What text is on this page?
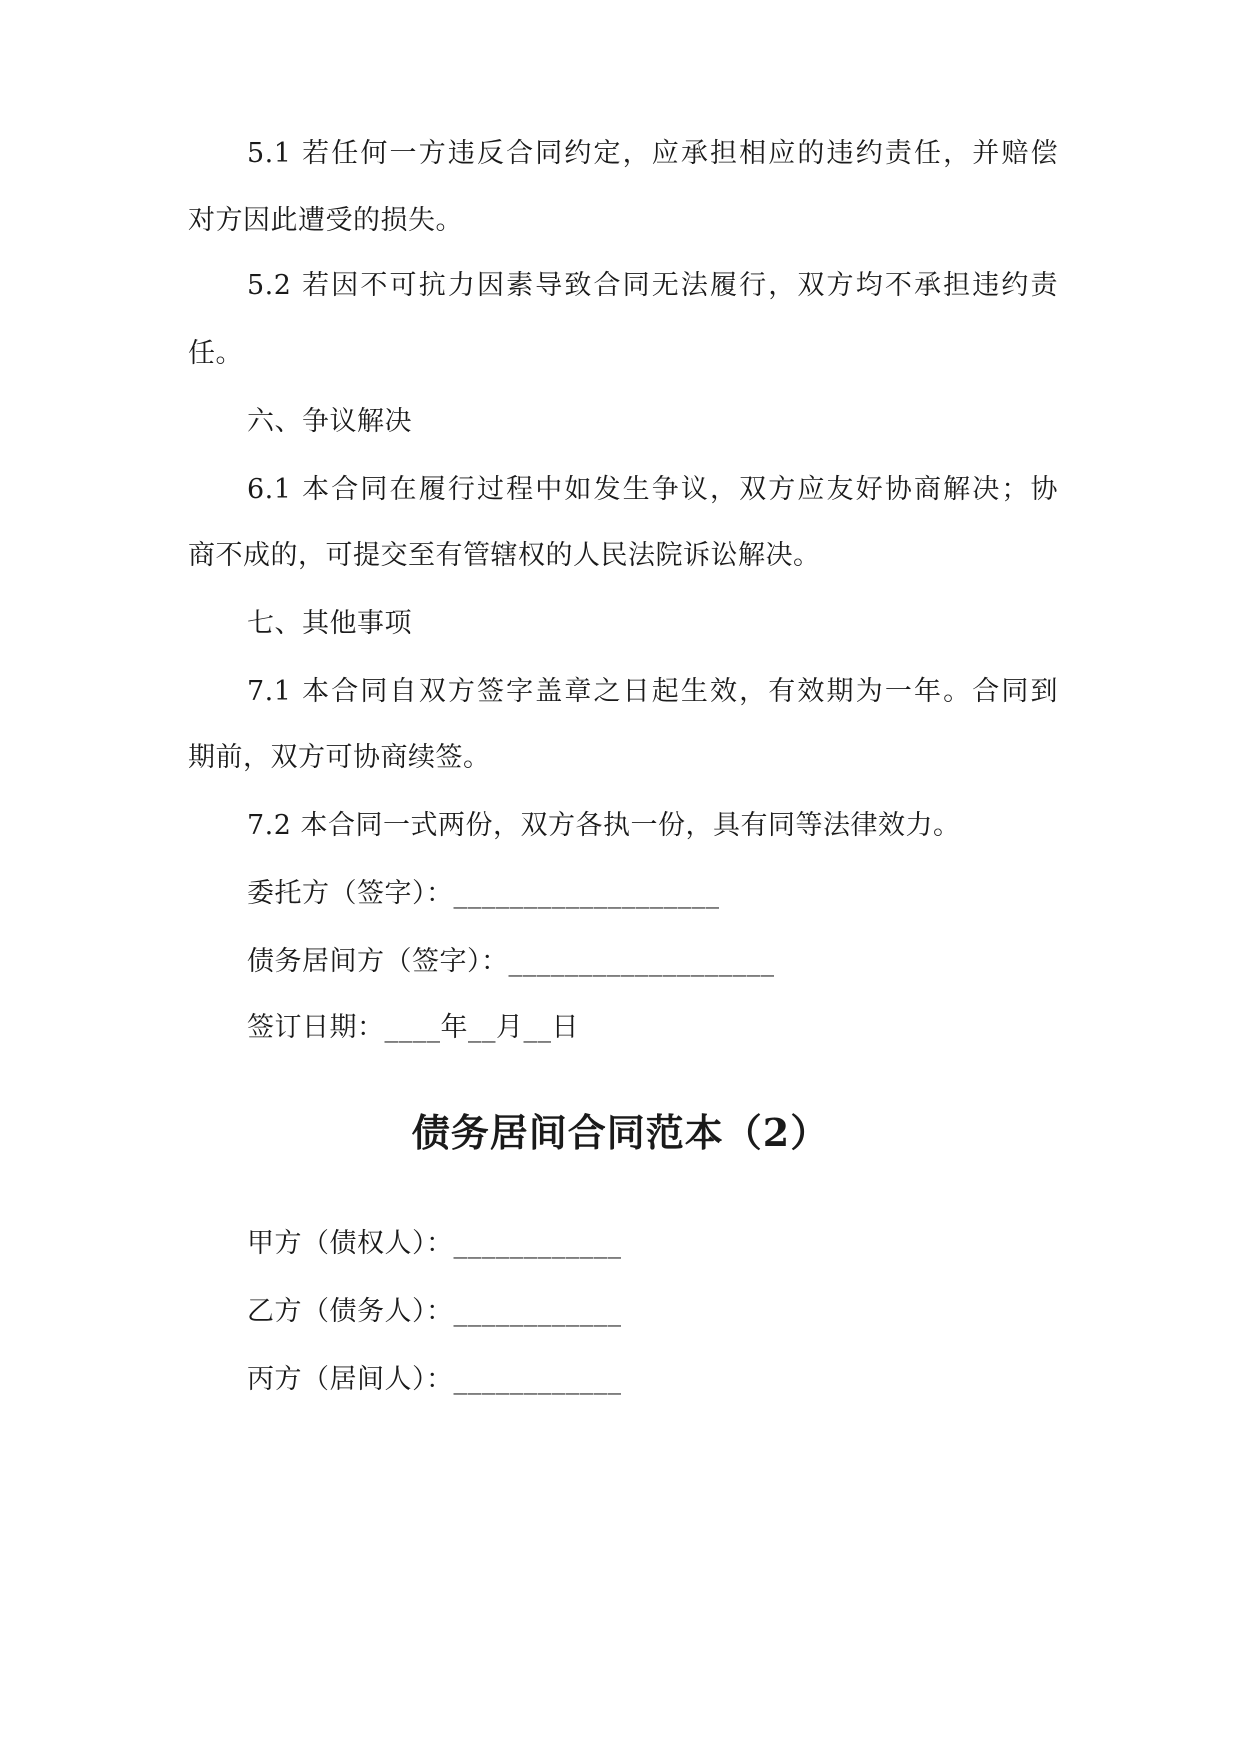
5.1 若任何一方违反合同约定，应承担相应的违约责任，并赔偿
对方因此遭受的损失。
5.2 若因不可抗力因素导致合同无法履行，双方均不承担违约责
任。
六、争议解决
6.1 本合同在履行过程中如发生争议，双方应友好协商解决；协
商不成的，可提交至有管辖权的人民法院诉讼解决。
七、其他事项
7.1 本合同自双方签字盖章之日起生效，有效期为一年。合同到
期前，双方可协商续签。
7.2 本合同一式两份，双方各执一份，具有同等法律效力。
委托方（签字）：___________________
债务居间方（签字）：___________________
签订日期：____年__月__日
债务居间合同范本（2）
甲方（债权人）：____________
乙方（债务人）：____________
丙方（居间人）：____________
